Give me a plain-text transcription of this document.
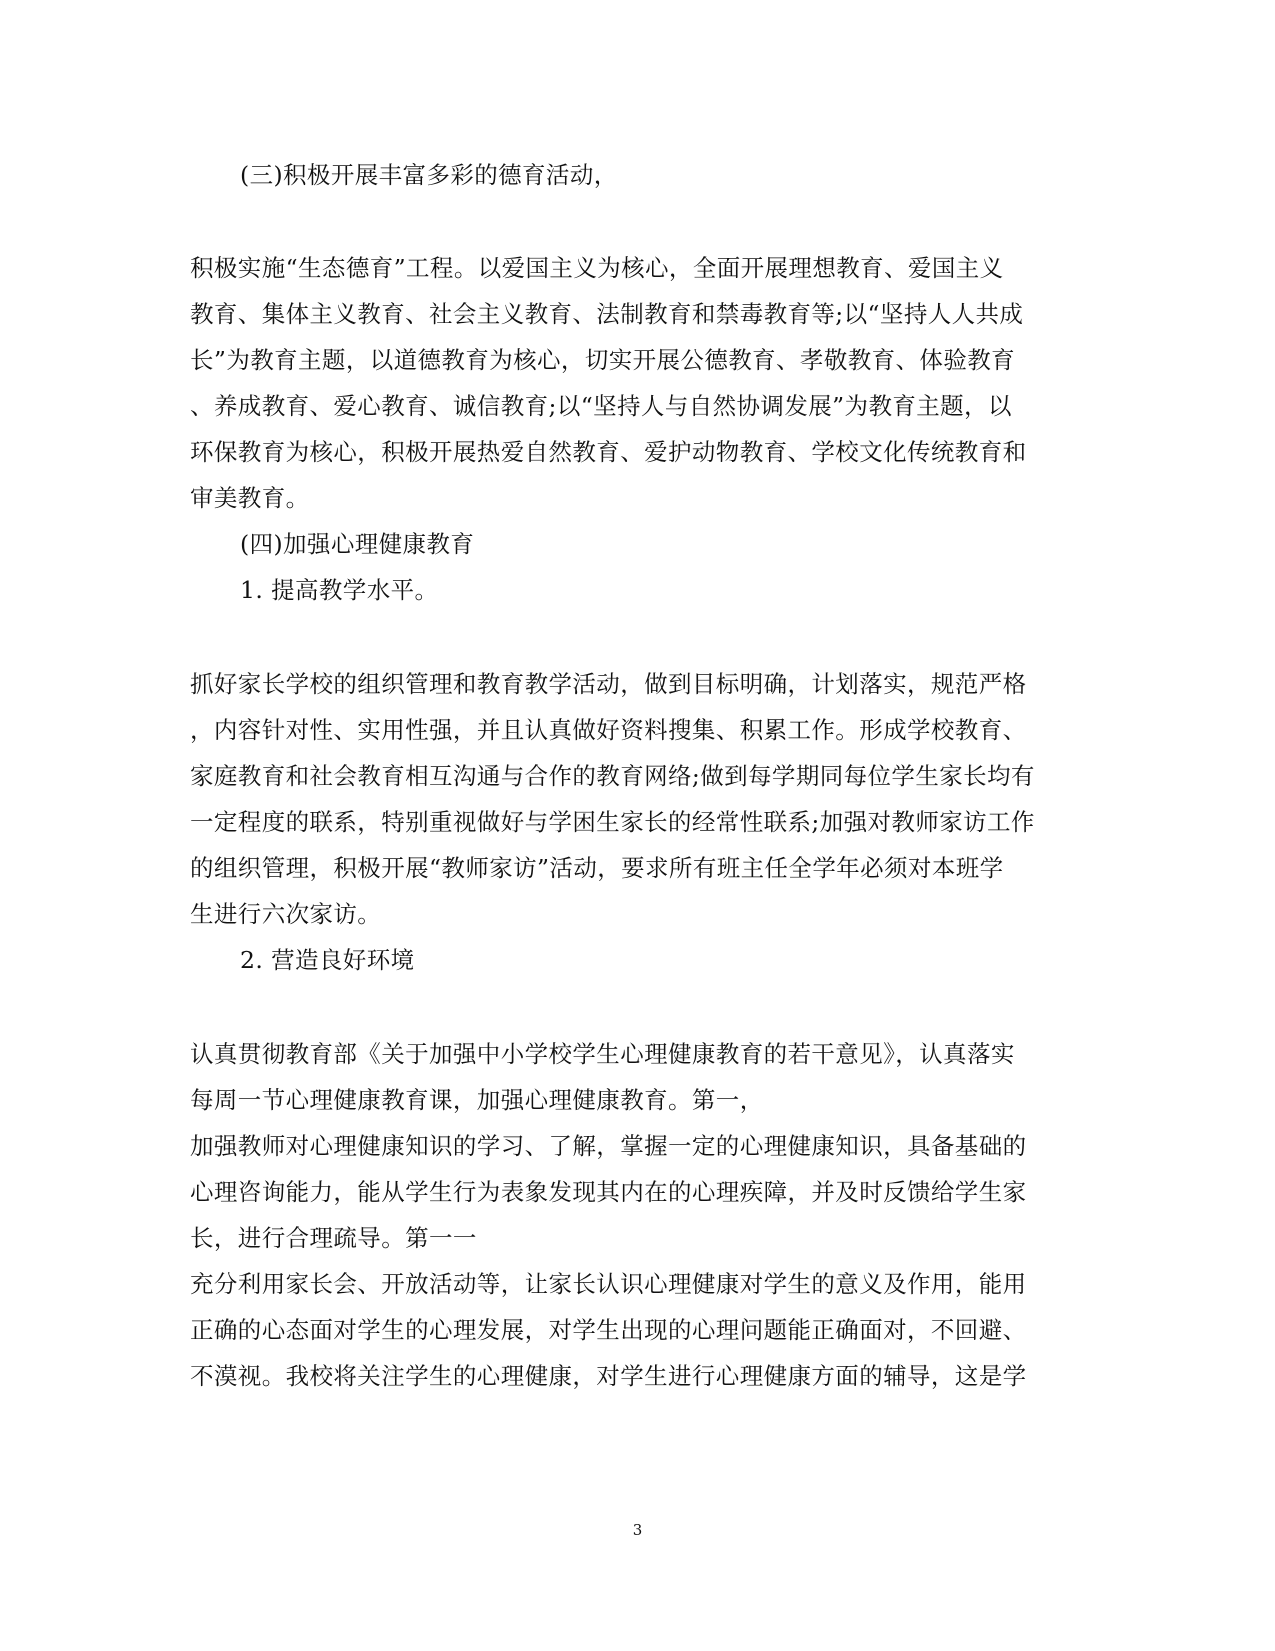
(三)积极开展丰富多彩的德育活动，
积极实施“生态德育”工程。以爱国主义为核心，全面开展理想教育、爱国主义
教育、集体主义教育、社会主义教育、法制教育和禁毒教育等;以“坚持人人共成
长”为教育主题，以道德教育为核心，切实开展公德教育、孝敬教育、体验教育
、养成教育、爱心教育、诚信教育;以“坚持人与自然协调发展”为教育主题，以
环保教育为核心，积极开展热爱自然教育、爱护动物教育、学校文化传统教育和
审美教育。
(四)加强心理健康教育
1. 提高教学水平。
抓好家长学校的组织管理和教育教学活动，做到目标明确，计划落实，规范严格
，内容针对性、实用性强，并且认真做好资料搜集、积累工作。形成学校教育、
家庭教育和社会教育相互沟通与合作的教育网络;做到每学期同每位学生家长均有
一定程度的联系，特别重视做好与学困生家长的经常性联系;加强对教师家访工作
的组织管理，积极开展“教师家访”活动，要求所有班主任全学年必须对本班学
生进行六次家访。
2. 营造良好环境
认真贯彻教育部《关于加强中小学校学生心理健康教育的若干意见》，认真落实
每周一节心理健康教育课，加强心理健康教育。第一，
加强教师对心理健康知识的学习、了解，掌握一定的心理健康知识，具备基础的
心理咨询能力，能从学生行为表象发现其内在的心理疾障，并及时反馈给学生家
长，进行合理疏导。第一一
充分利用家长会、开放活动等，让家长认识心理健康对学生的意义及作用，能用
正确的心态面对学生的心理发展，对学生出现的心理问题能正确面对，不回避、
不漠视。我校将关注学生的心理健康，对学生进行心理健康方面的辅导，这是学
3
